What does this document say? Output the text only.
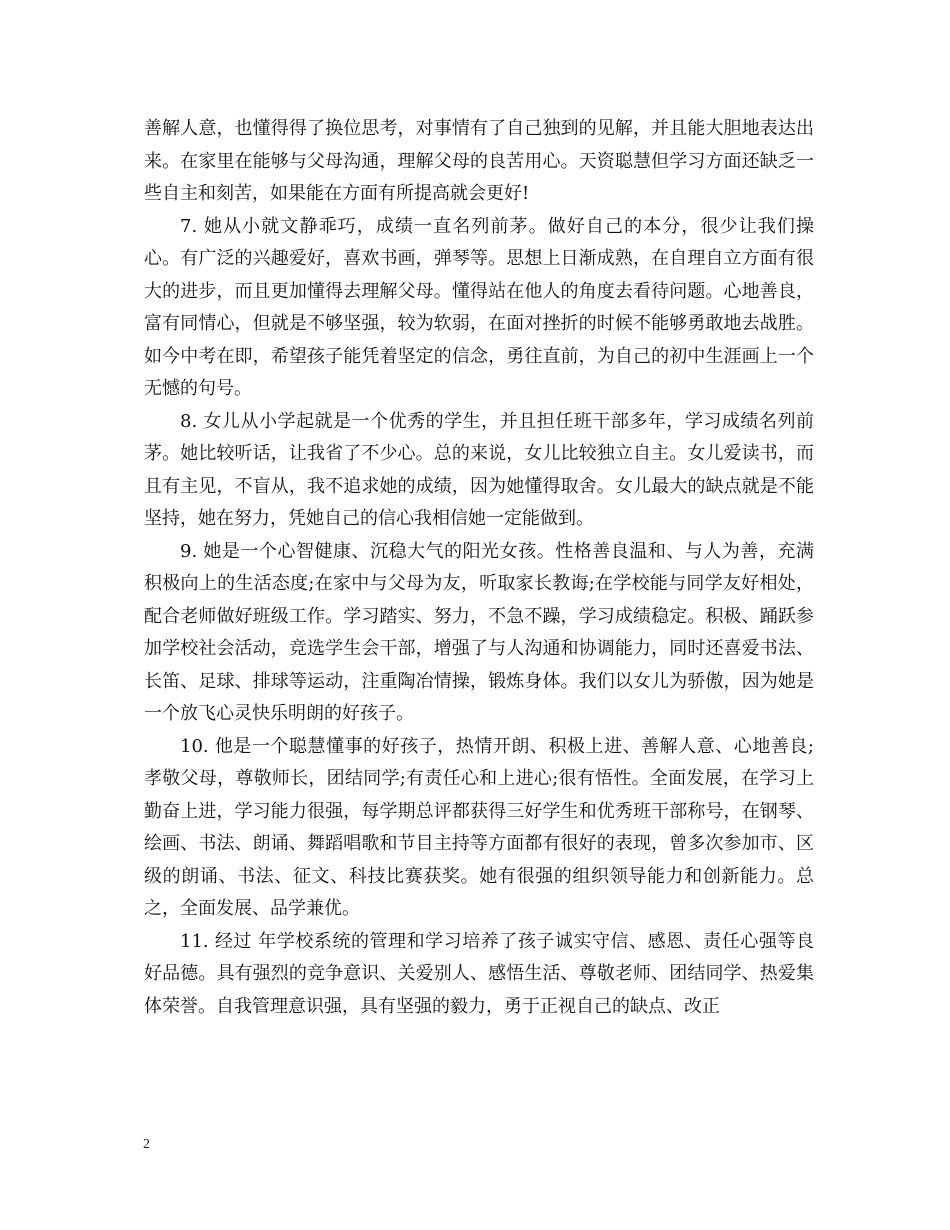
善解人意，也懂得得了换位思考，对事情有了自己独到的见解，并且能大胆地表达出来。在家里在能够与父母沟通，理解父母的良苦用心。天资聪慧但学习方面还缺乏一些自主和刻苦，如果能在方面有所提高就会更好!

7. 她从小就文静乖巧，成绩一直名列前茅。做好自己的本分，很少让我们操心。有广泛的兴趣爱好，喜欢书画，弹琴等。思想上日渐成熟，在自理自立方面有很大的进步，而且更加懂得去理解父母。懂得站在他人的角度去看待问题。心地善良，富有同情心，但就是不够坚强，较为软弱，在面对挫折的时候不能够勇敢地去战胜。如今中考在即，希望孩子能凭着坚定的信念，勇往直前，为自己的初中生涯画上一个无憾的句号。

8. 女儿从小学起就是一个优秀的学生，并且担任班干部多年，学习成绩名列前茅。她比较听话，让我省了不少心。总的来说，女儿比较独立自主。女儿爱读书，而且有主见，不盲从，我不追求她的成绩，因为她懂得取舍。女儿最大的缺点就是不能坚持，她在努力，凭她自己的信心我相信她一定能做到。

9. 她是一个心智健康、沉稳大气的阳光女孩。性格善良温和、与人为善，充满积极向上的生活态度;在家中与父母为友，听取家长教诲;在学校能与同学友好相处，配合老师做好班级工作。学习踏实、努力，不急不躁，学习成绩稳定。积极、踊跃参加学校社会活动，竞选学生会干部，增强了与人沟通和协调能力，同时还喜爱书法、长笛、足球、排球等运动，注重陶冶情操，锻炼身体。我们以女儿为骄傲，因为她是一个放飞心灵快乐明朗的好孩子。

10. 他是一个聪慧懂事的好孩子，热情开朗、积极上进、善解人意、心地善良;孝敬父母，尊敬师长，团结同学;有责任心和上进心;很有悟性。全面发展，在学习上勤奋上进，学习能力很强，每学期总评都获得三好学生和优秀班干部称号，在钢琴、绘画、书法、朗诵、舞蹈唱歌和节目主持等方面都有很好的表现，曾多次参加市、区级的朗诵、书法、征文、科技比赛获奖。她有很强的组织领导能力和创新能力。总之，全面发展、品学兼优。

11. 经过 年学校系统的管理和学习培养了孩子诚实守信、感恩、责任心强等良好品德。具有强烈的竞争意识、关爱别人、感悟生活、尊敬老师、团结同学、热爱集体荣誉。自我管理意识强，具有坚强的毅力，勇于正视自己的缺点、改正

2
